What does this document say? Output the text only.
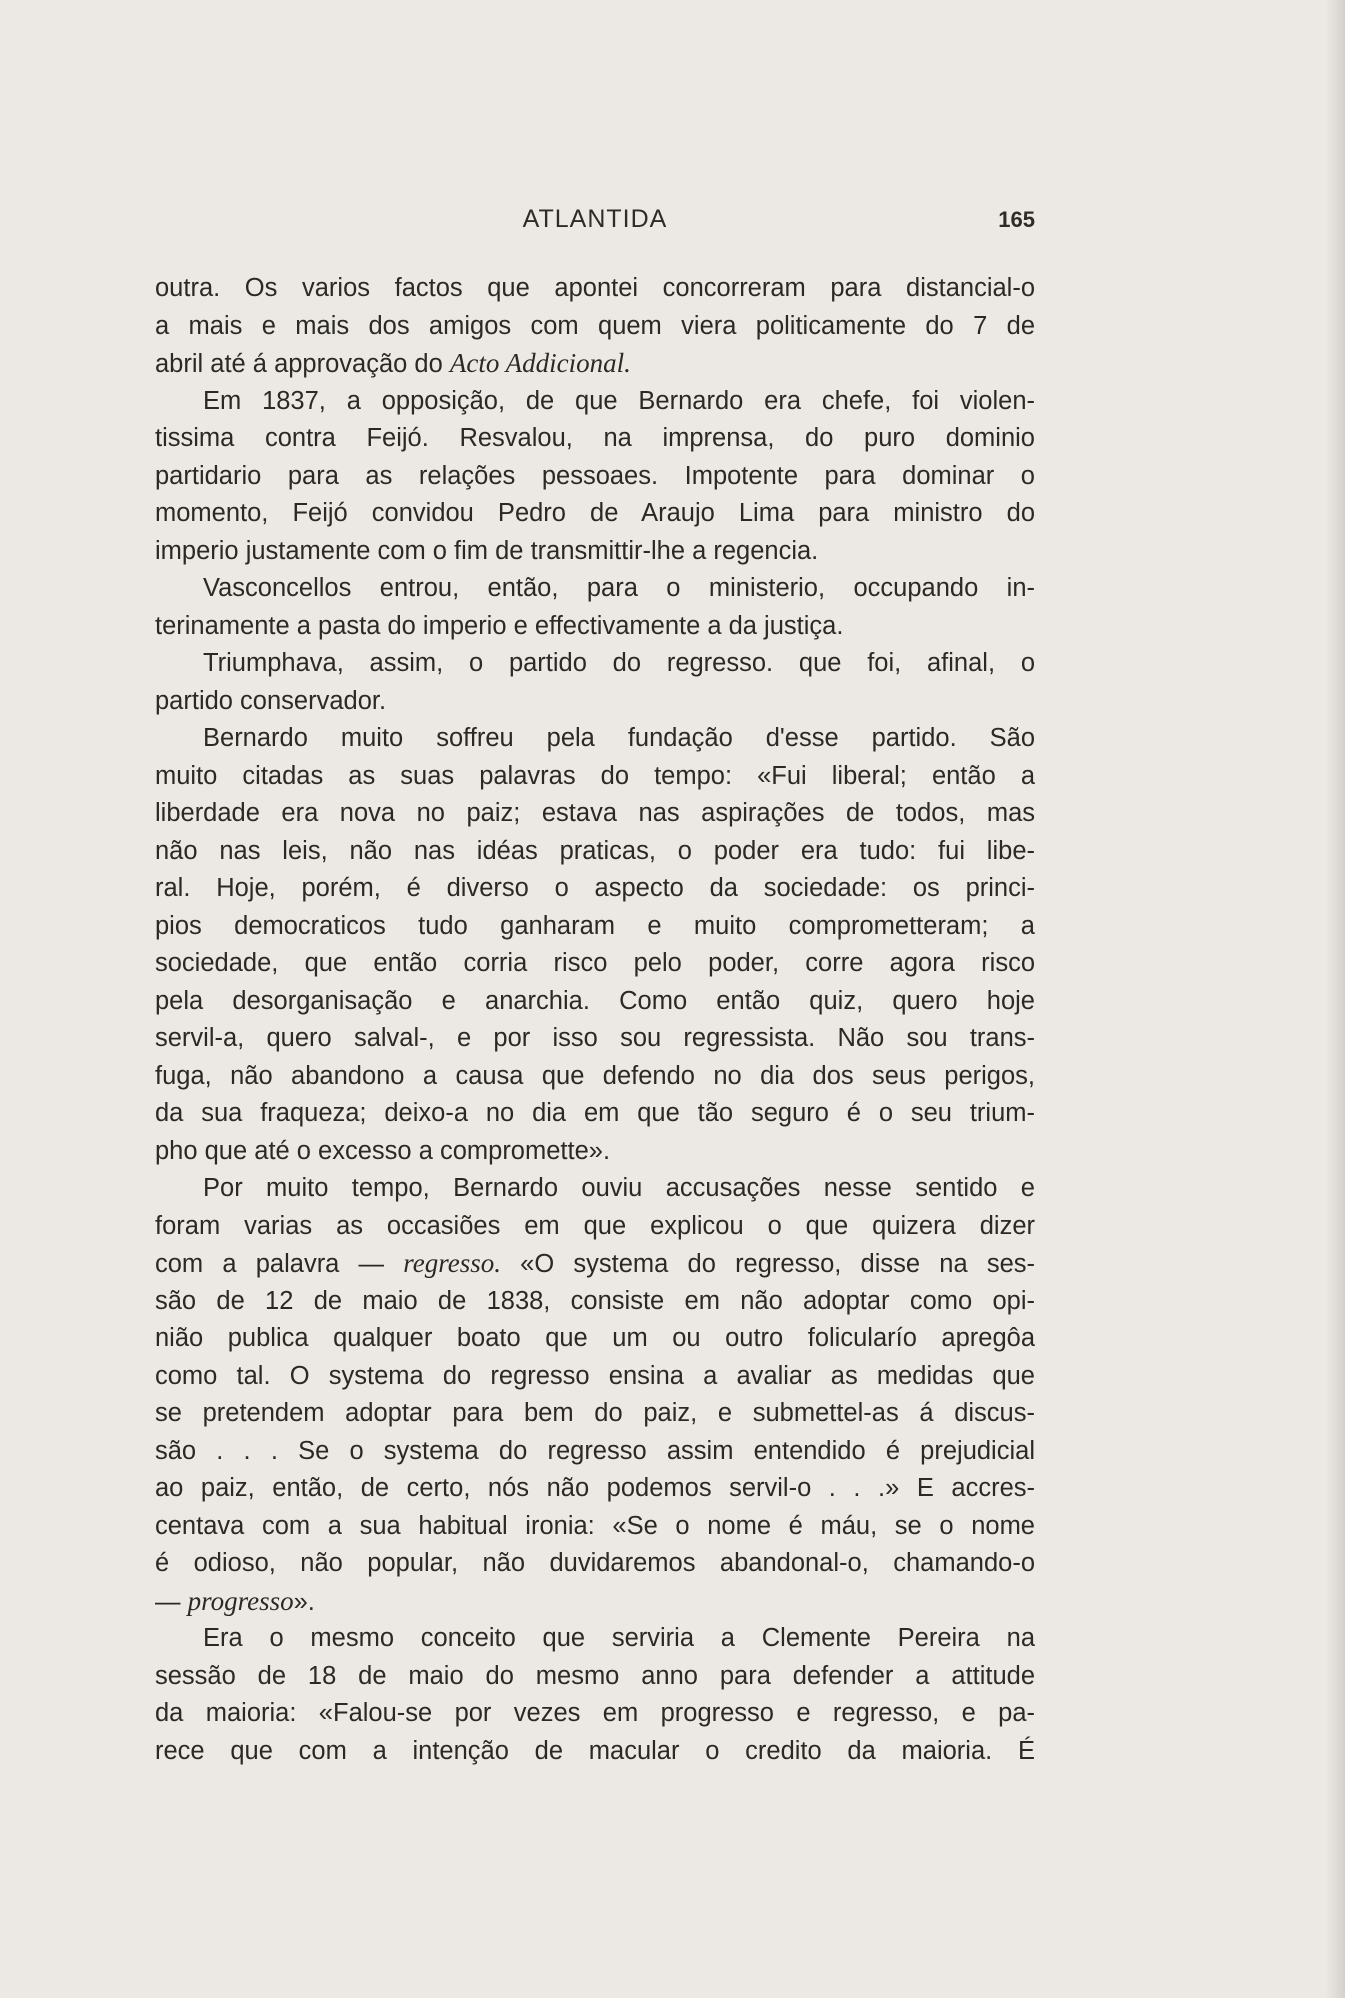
ATLANTIDA	165
outra. Os varios factos que apontei concorreram para distancial-o
a mais e mais dos amigos com quem viera politicamente do 7 de
abril até á approvação do Acto Addicional.
Em 1837, a opposição, de que Bernardo era chefe, foi violen-
tissima contra Feijó. Resvalou, na imprensa, do puro dominio
partidario para as relações pessoaes. Impotente para dominar o
momento, Feijó convidou Pedro de Araujo Lima para ministro do
imperio justamente com o fim de transmittir-lhe a regencia.
Vasconcellos entrou, então, para o ministerio, occupando in-
terinamente a pasta do imperio e effectivamente a da justiça.
Triumphava, assim, o partido do regresso. que foi, afinal, o
partido conservador.
Bernardo muito soffreu pela fundação d'esse partido. São
muito citadas as suas palavras do tempo: «Fui liberal; então a
liberdade era nova no paiz; estava nas aspirações de todos, mas
não nas leis, não nas idéas praticas, o poder era tudo: fui libe-
ral. Hoje, porém, é diverso o aspecto da sociedade: os princi-
pios democraticos tudo ganharam e muito comprometteram; a
sociedade, que então corria risco pelo poder, corre agora risco
pela desorganisação e anarchia. Como então quiz, quero hoje
servil-a, quero salval-, e por isso sou regressista. Não sou trans-
fuga, não abandono a causa que defendo no dia dos seus perigos,
da sua fraqueza; deixo-a no dia em que tão seguro é o seu trium-
pho que até o excesso a compromette».
Por muito tempo, Bernardo ouviu accusações nesse sentido e
foram varias as occasiões em que explicou o que quizera dizer
com a palavra — regresso. «O systema do regresso, disse na ses-
são de 12 de maio de 1838, consiste em não adoptar como opi-
nião publica qualquer boato que um ou outro folicularío apregôa
como tal. O systema do regresso ensina a avaliar as medidas que
se pretendem adoptar para bem do paiz, e submettel-as á discus-
são . . . Se o systema do regresso assim entendido é prejudicial
ao paiz, então, de certo, nós não podemos servil-o . . .» E accres-
centava com a sua habitual ironia: «Se o nome é máu, se o nome
é odioso, não popular, não duvidaremos abandonal-o, chamando-o
— progresso».
Era o mesmo conceito que serviria a Clemente Pereira na
sessão de 18 de maio do mesmo anno para defender a attitude
da maioria: «Falou-se por vezes em progresso e regresso, e pa-
rece que com a intenção de macular o credito da maioria. É
